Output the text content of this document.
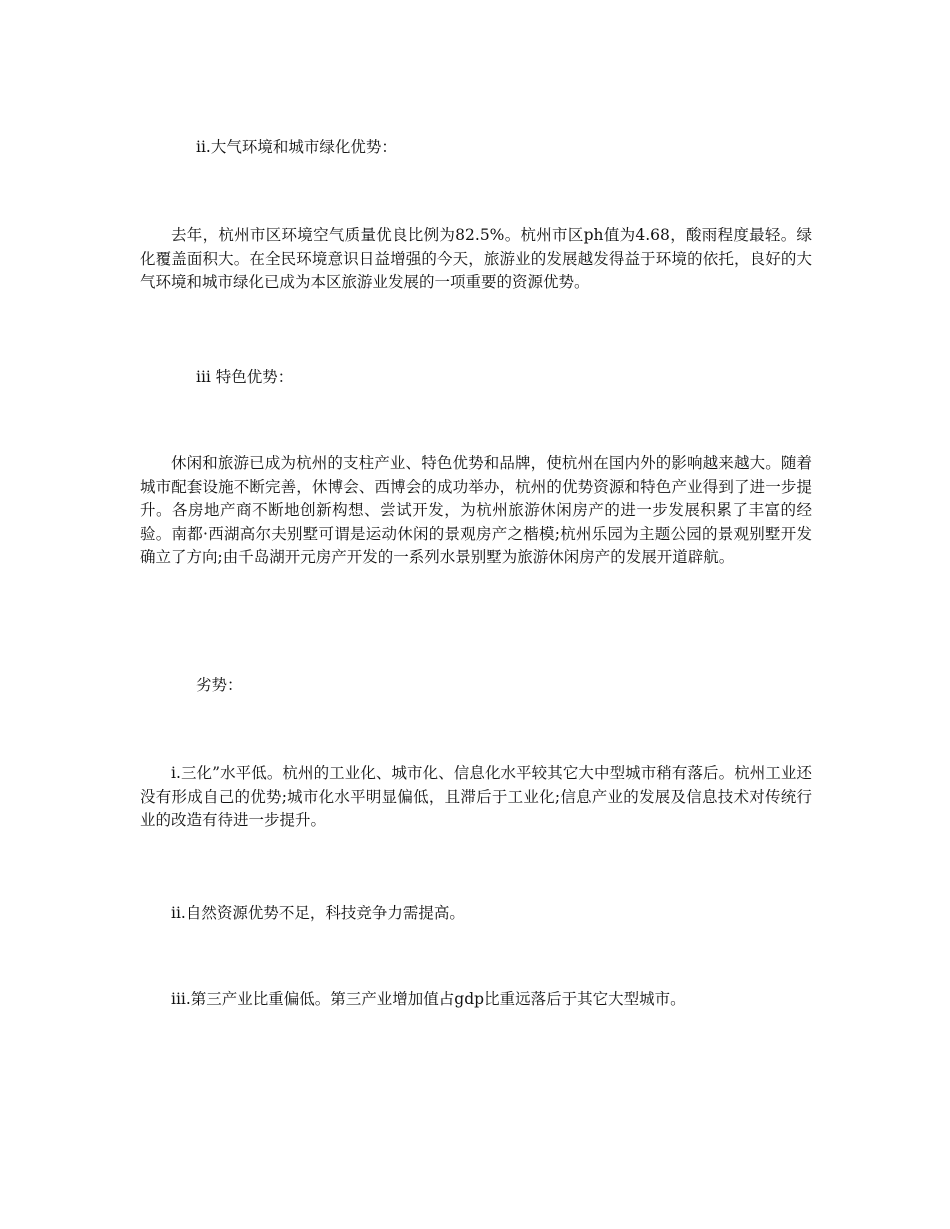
ii.大气环境和城市绿化优势：

去年，杭州市区环境空气质量优良比例为82.5%。杭州市区ph值为4.68，酸雨程度最轻。绿化覆盖面积大。在全民环境意识日益增强的今天，旅游业的发展越发得益于环境的依托，良好的大气环境和城市绿化已成为本区旅游业发展的一项重要的资源优势。

iii 特色优势：

休闲和旅游已成为杭州的支柱产业、特色优势和品牌，使杭州在国内外的影响越来越大。随着城市配套设施不断完善，休博会、西博会的成功举办，杭州的优势资源和特色产业得到了进一步提升。各房地产商不断地创新构想、尝试开发，为杭州旅游休闲房产的进一步发展积累了丰富的经验。南都·西湖高尔夫别墅可谓是运动休闲的景观房产之楷模;杭州乐园为主题公园的景观别墅开发确立了方向;由千岛湖开元房产开发的一系列水景别墅为旅游休闲房产的发展开道辟航。

劣势：

i.三化”水平低。杭州的工业化、城市化、信息化水平较其它大中型城市稍有落后。杭州工业还没有形成自己的优势;城市化水平明显偏低，且滞后于工业化;信息产业的发展及信息技术对传统行业的改造有待进一步提升。

ii.自然资源优势不足，科技竞争力需提高。

iii.第三产业比重偏低。第三产业增加值占gdp比重远落后于其它大型城市。
